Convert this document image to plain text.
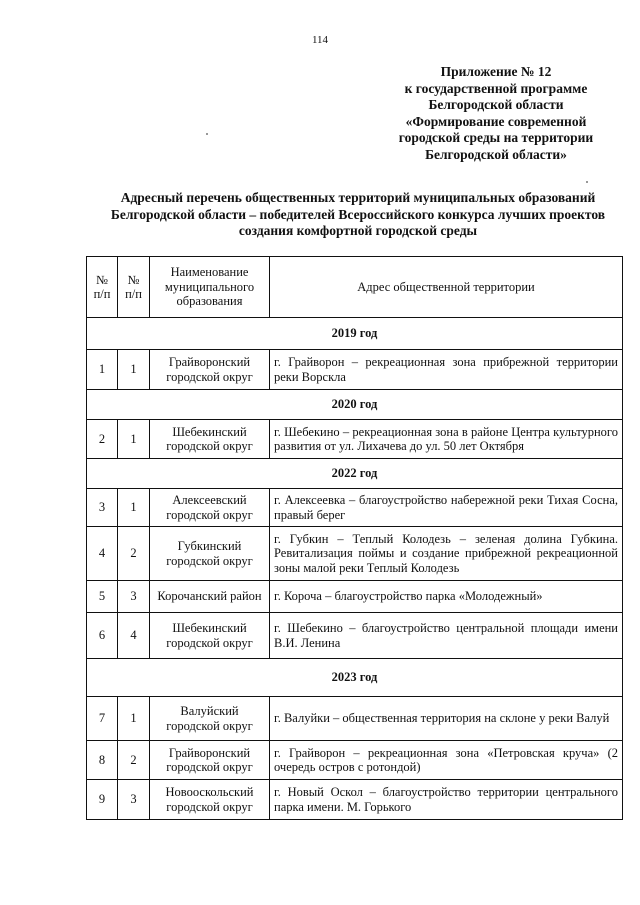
114
Приложение № 12
к государственной программе
Белгородской области
«Формирование современной
городской среды на территории
Белгородской области»
Адресный перечень общественных территорий муниципальных образований
Белгородской области – победителей Всероссийского конкурса лучших проектов
создания комфортной городской среды
№ п/п	№ п/п	Наименование муниципального образования	Адрес общественной территории
2019 год			
1	1	Грайворонский городской округ	г. Грайворон – рекреационная зона прибрежной территории реки Ворскла
2020 год			
2	1	Шебекинский городской округ	г. Шебекино – рекреационная зона в районе Центра культурного развития от ул. Лихачева до ул. 50 лет Октября
2022 год			
3	1	Алексеевский городской округ	г. Алексеевка – благоустройство набережной реки Тихая Сосна, правый берег
4	2	Губкинский городской округ	г. Губкин – Теплый Колодезь – зеленая долина Губкина. Ревитализация поймы и создание прибрежной рекреационной зоны малой реки Теплый Колодезь
5	3	Корочанский район	г. Короча – благоустройство парка «Молодежный»
6	4	Шебекинский городской округ	г. Шебекино – благоустройство центральной площади имени В.И. Ленина
2023 год			
7	1	Валуйский городской округ	г. Валуйки – общественная территория на склоне у реки Валуй
8	2	Грайворонский городской округ	г. Грайворон – рекреационная зона «Петровская круча» (2 очередь остров с ротондой)
9	3	Новооскольский городской округ	г. Новый Оскол – благоустройство территории центрального парка имени. М. Горького
